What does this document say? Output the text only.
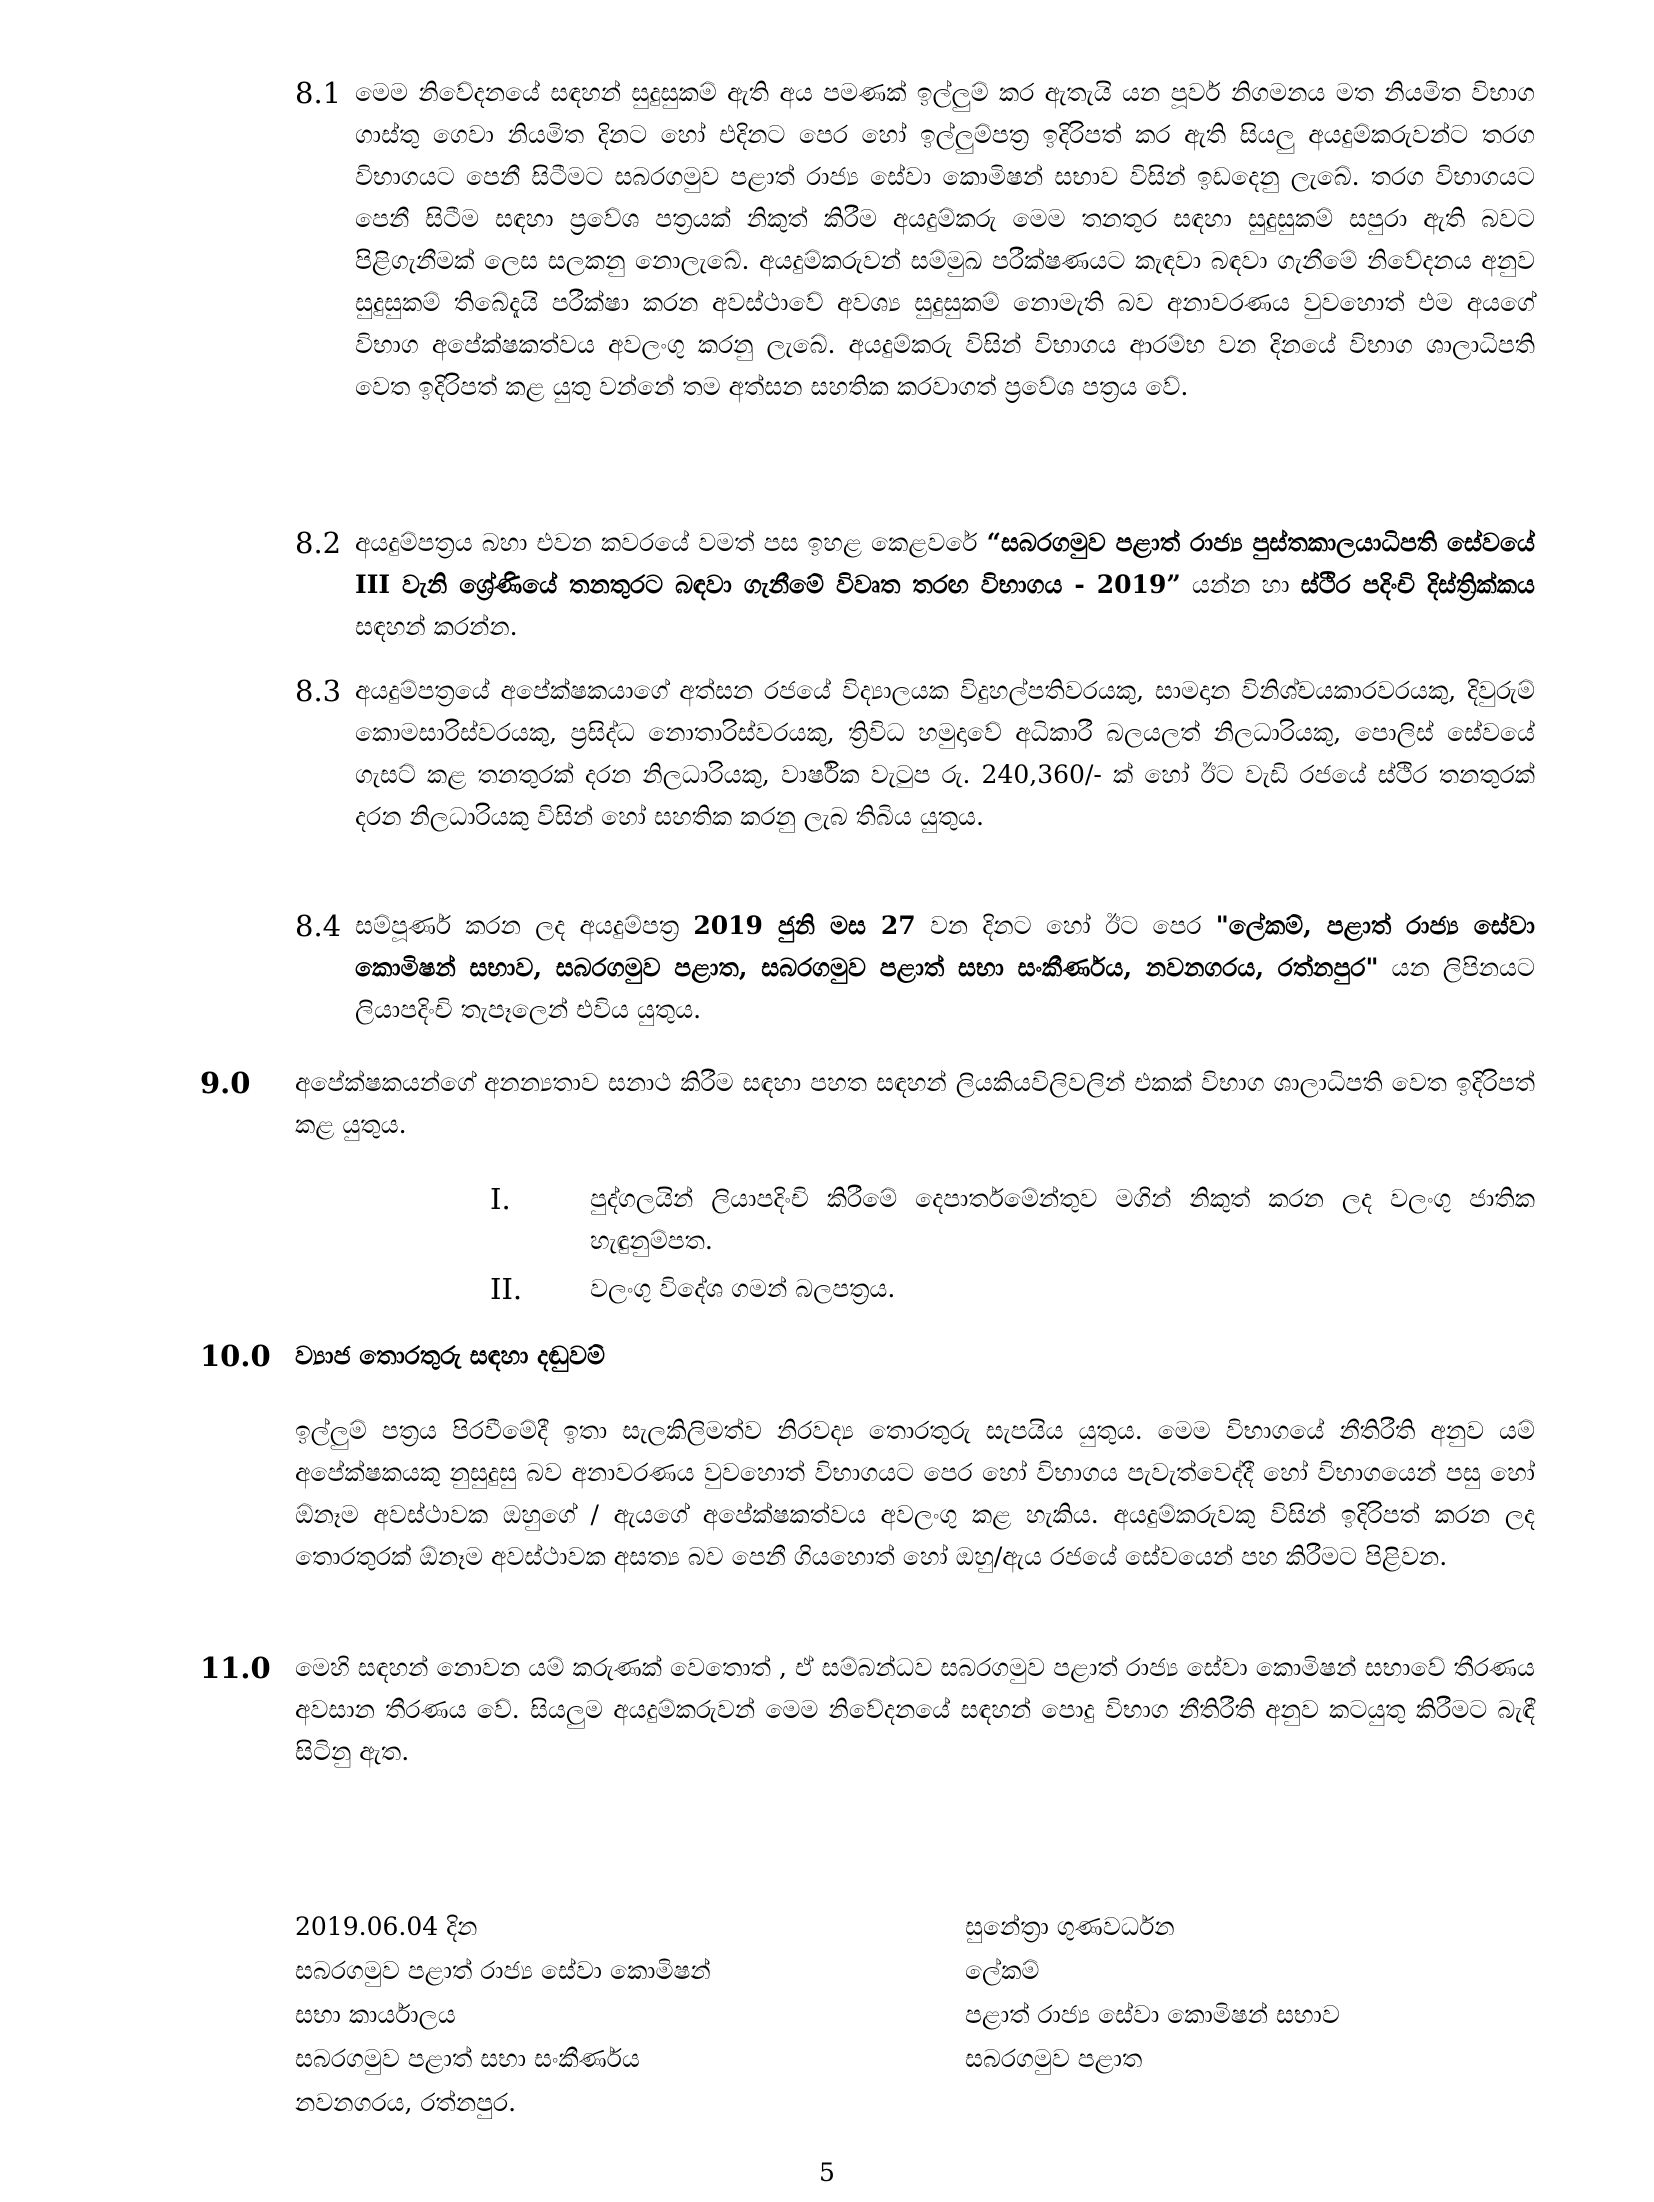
8.1 මෙම නිවේදනයේ සඳහන් සුදුසුකම් ඇති අය පමණක් ඉල්ලුම් කර ඇතැයි යන පූර්ව නිගමනය මත නියමිත විභාග ගාස්තු ගෙවා නියමිත දිනට හෝ එදිනට පෙර හෝ ඉල්ලුම්පත්‍ර ඉදිරිපත් කර ඇති සියලු අයදුම්කරුවන්ට තරග විභාගයට පෙනී සිටීමට සබරගමුව පළාත් රාජ්‍ය සේවා කොමිෂන් සභාව විසින් ඉඩදෙනු ලැබේ. තරග විභාගයට පෙනී සිටීම සඳහා ප්‍රවේශ පත්‍රයක් නිකුත් කිරීම අයදුම්කරු මෙම තනතුර සඳහා සුදුසුකම් සපුරා ඇති බවට පිළිගැනීමක් ලෙස සලකනු නොලැබේ. අයදුම්කරුවන් සම්මුඛ පරීක්ෂණයට කැඳවා බඳවා ගැනීමේ නිවේදනය අනුව සුදුසුකම් තිබේදැයි පරීක්ෂා කරන අවස්ථාවේ අවශ්‍ය සුදුසුකම් නොමැති බව අනාවරණය වුවහොත් එම අයගේ විභාග අපේක්ෂකත්වය අවලංගු කරනු ලැබේ. අයදුම්කරු විසින් විභාගය ආරම්භ වන දිනයේ විභාග ශාලාධිපති වෙත ඉදිරිපත් කළ යුතු වන්නේ තම අත්සන සහතික කරවාගත් ප්‍රවේශ පත්‍රය වේ.
8.2 අයදුම්පත්‍රය බහා එවන කවරයේ වමත් පස ඉහළ කෙළවරේ “සබරගමුව පළාත් රාජ්‍ය පුස්තකාලයාධිපති සේවයේ III වැනි ශ්‍රේණියේ තනතුරට බඳවා ගැනීමේ විවෘත තරඟ විභාගය - 2019” යන්න හා ස්ථිර පදිංචි දිස්ත්‍රික්කය සඳහන් කරන්න.
8.3 අයදුම්පත්‍රයේ අපේක්ෂකයාගේ අත්සන රජයේ විද්‍යාලයක විදුහල්පතිවරයකු, සාමදාන විනිශ්චයකාරවරයකු, දිවුරුම් කොමසාරිස්වරයකු, ප්‍රසිද්ධ නොතාරිස්වරයකු, ත්‍රිවිධ හමුදාවේ අධිකාරී බලයලත් නිලධාරියකු, පොලිස් සේවයේ ගැසට් කළ තනතුරක් දරන නිලධාරියකු, වාර්ෂික වැටුප රු. 240,360/- ක් හෝ ඊට වැඩි රජයේ ස්ථිර තනතුරක් දරන නිලධාරියකු විසින් හෝ සහතික කරනු ලැබ තිබිය යුතුය.
8.4 සම්පූර්ණ කරන ලද අයදුම්පත්‍ර 2019 ජුනි මස 27 වන දිනට හෝ ඊට පෙර "ලේකම්, පළාත් රාජ්‍ය සේවා කොමිෂන් සභාව, සබරගමුව පළාත, සබරගමුව පළාත් සභා සංකීර්ණය, නවනගරය, රත්නපුර" යන ලිපිනයට ලියාපදිංචි තැපෑලෙන් එවිය යුතුය.
9.0	අපේක්ෂකයන්ගේ අනන්‍යතාව සනාථ කිරීම සඳහා පහත සඳහන් ලියකියවිලිවලින් එකක් විභාග ශාලාධිපති වෙත ඉදිරිපත් කළ යුතුය.
I.	පුද්ගලයින් ලියාපදිංචි කිරීමේ දෙපාර්තමේන්තුව මගින් නිකුත් කරන ලද වලංගු ජාතික හැඳුනුම්පත.
II.	වලංගු විදේශ ගමන් බලපත්‍රය.
10.0 ව්‍යාජ තොරතුරු සඳහා දඬුවම්
ඉල්ලුම් පත්‍රය පිරවීමේදී ඉතා සැලකිලිමත්ව නිරවද්‍ය තොරතුරු සැපයිය යුතුය. මෙම විභාගයේ නීතිරීති අනුව යම් අපේක්ෂකයකු නුසුදුසු බව අනාවරණය වුවහොත් විභාගයට පෙර හෝ විභාගය පැවැත්වෙද්දී හෝ විභාගයෙන් පසු හෝ ඕනෑම අවස්ථාවක ඔහුගේ / ඇයගේ අපේක්ෂකත්වය අවලංගු කළ හැකිය. අයදුම්කරුවකු විසින් ඉදිරිපත් කරන ලද තොරතුරක් ඕනෑම අවස්ථාවක අසත්‍ය බව පෙනී ගියහොත් හෝ ඔහු/ඇය රජයේ සේවයෙන් පහ කිරීමට පිළිවන.
11.0 මෙහි සඳහන් නොවන යම් කරුණක් වෙතොත් , ඒ සම්බන්ධව සබරගමුව පළාත් රාජ්‍ය සේවා කොමිෂන් සභාවේ තීරණය අවසාන තීරණය වේ. සියලුම අයදුම්කරුවන් මෙම නිවේදනයේ සඳහන් පොදු විභාග නීතිරීති අනුව කටයුතු කිරීමට බැඳී සිටිනු ඇත.
2019.06.04 දින
සබරගමුව පළාත් රාජ්‍ය සේවා කොමිෂන්
සභා කාර්යාලය
සබරගමුව පළාත් සභා සංකීර්ණය
නවනගරය, රත්නපුර.
සුනේත්‍රා ගුණවර්ධන
ලේකම්
පළාත් රාජ්‍ය සේවා කොමිෂන් සභාව
සබරගමුව පළාත
5
